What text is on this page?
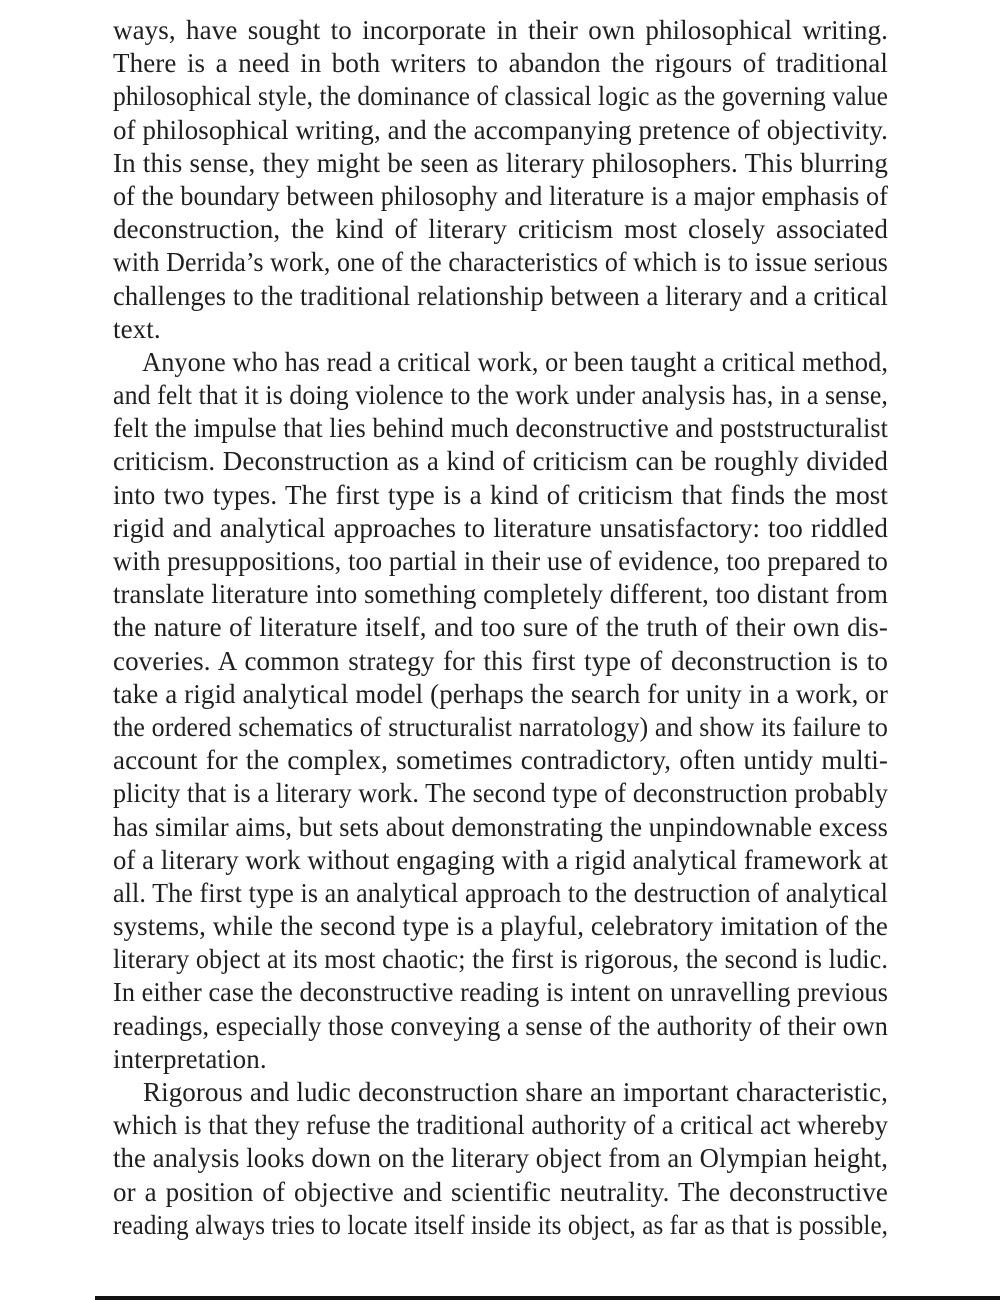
ways, have sought to incorporate in their own philosophical writing.
There is a need in both writers to abandon the rigours of traditional
philosophical style, the dominance of classical logic as the governing value
of philosophical writing, and the accompanying pretence of objectivity.
In this sense, they might be seen as literary philosophers. This blurring
of the boundary between philosophy and literature is a major emphasis of
deconstruction, the kind of literary criticism most closely associated
with Derrida’s work, one of the characteristics of which is to issue serious
challenges to the traditional relationship between a literary and a critical
text.
Anyone who has read a critical work, or been taught a critical method,
and felt that it is doing violence to the work under analysis has, in a sense,
felt the impulse that lies behind much deconstructive and poststructuralist
criticism. Deconstruction as a kind of criticism can be roughly divided
into two types. The first type is a kind of criticism that finds the most
rigid and analytical approaches to literature unsatisfactory: too riddled
with presuppositions, too partial in their use of evidence, too prepared to
translate literature into something completely different, too distant from
the nature of literature itself, and too sure of the truth of their own dis-
coveries. A common strategy for this first type of deconstruction is to
take a rigid analytical model (perhaps the search for unity in a work, or
the ordered schematics of structuralist narratology) and show its failure to
account for the complex, sometimes contradictory, often untidy multi-
plicity that is a literary work. The second type of deconstruction probably
has similar aims, but sets about demonstrating the unpindownable excess
of a literary work without engaging with a rigid analytical framework at
all. The first type is an analytical approach to the destruction of analytical
systems, while the second type is a playful, celebratory imitation of the
literary object at its most chaotic; the first is rigorous, the second is ludic.
In either case the deconstructive reading is intent on unravelling previous
readings, especially those conveying a sense of the authority of their own
interpretation.
Rigorous and ludic deconstruction share an important characteristic,
which is that they refuse the traditional authority of a critical act whereby
the analysis looks down on the literary object from an Olympian height,
or a position of objective and scientific neutrality. The deconstructive
reading always tries to locate itself inside its object, as far as that is possible,
